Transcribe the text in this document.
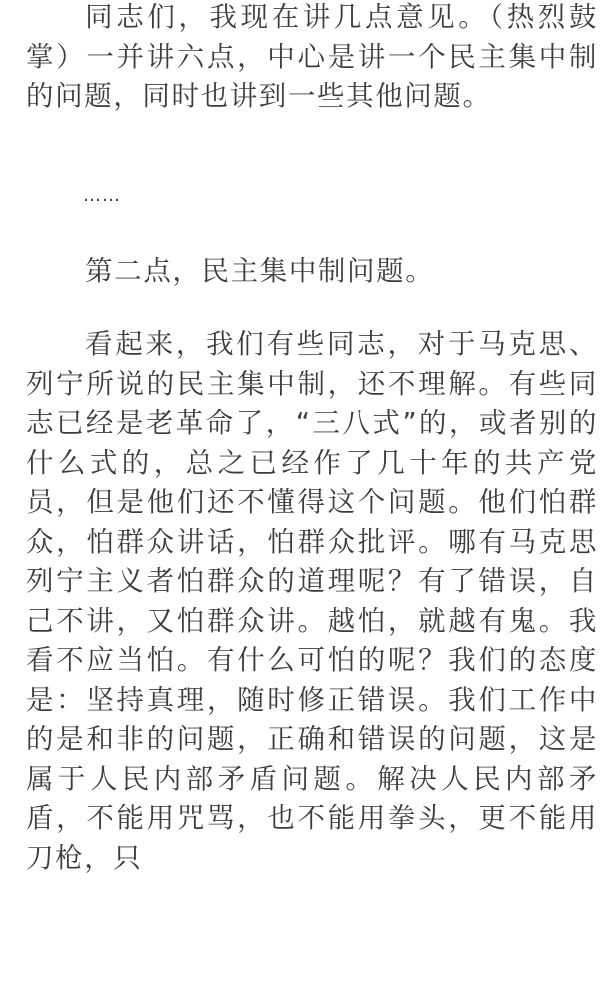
同志们，我现在讲几点意见。（热烈鼓掌）一并讲六点，中心是讲一个民主集中制的问题，同时也讲到一些其他问题。

……

第二点，民主集中制问题。

看起来，我们有些同志，对于马克思、列宁所说的民主集中制，还不理解。有些同志已经是老革命了，“三八式”的，或者别的什么式的，总之已经作了几十年的共产党员，但是他们还不懂得这个问题。他们怕群众，怕群众讲话，怕群众批评。哪有马克思列宁主义者怕群众的道理呢？有了错误，自己不讲，又怕群众讲。越怕，就越有鬼。我看不应当怕。有什么可怕的呢？我们的态度是：坚持真理，随时修正错误。我们工作中的是和非的问题，正确和错误的问题，这是属于人民内部矛盾问题。解决人民内部矛盾，不能用咒骂，也不能用拳头，更不能用刀枪，只
